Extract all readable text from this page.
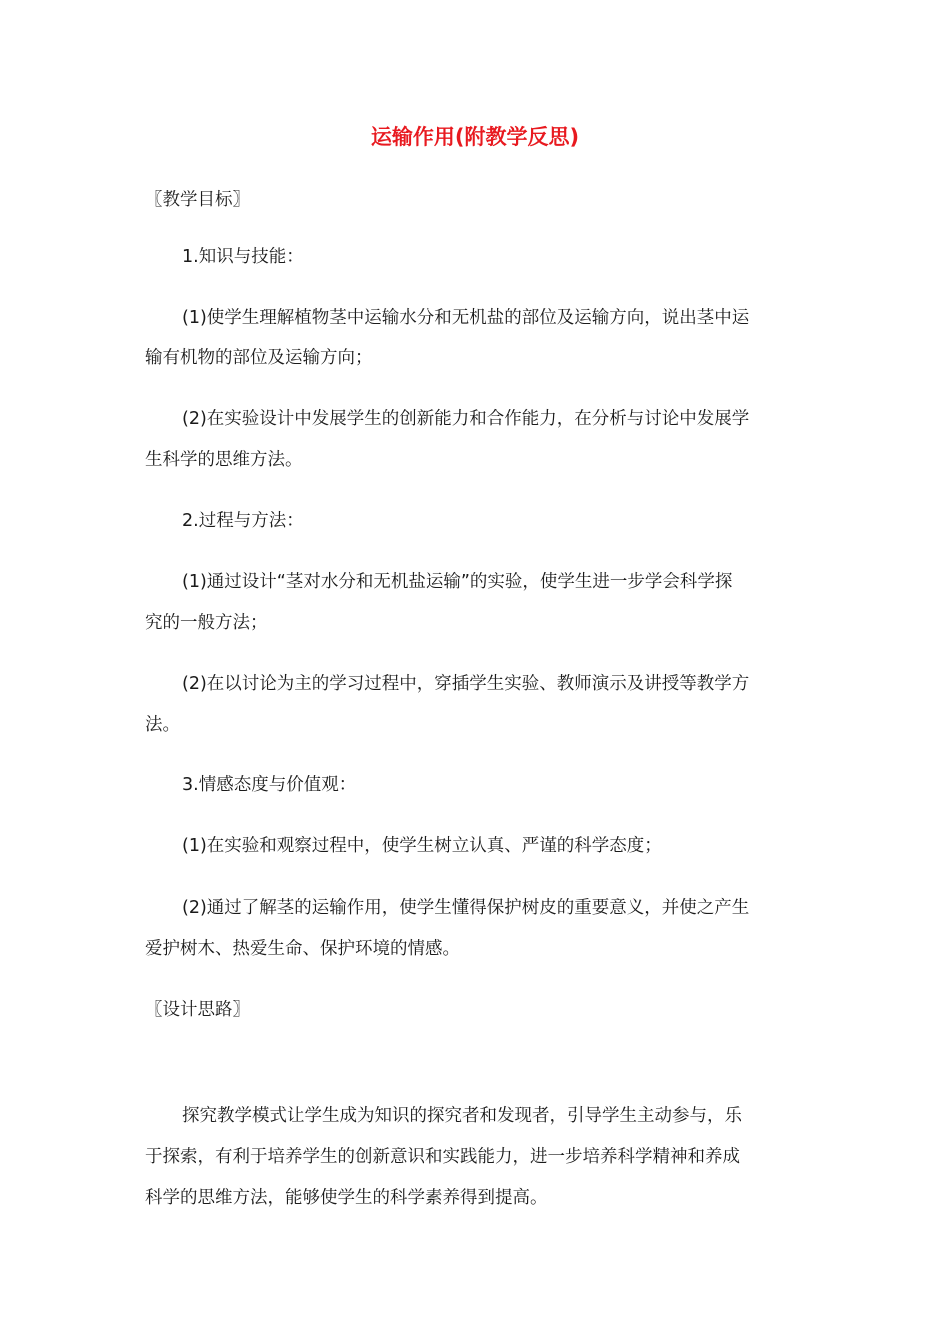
运输作用(附教学反思)
〖教学目标〗
1.知识与技能：
(1)使学生理解植物茎中运输水分和无机盐的部位及运输方向，说出茎中运
输有机物的部位及运输方向；
(2)在实验设计中发展学生的创新能力和合作能力，在分析与讨论中发展学
生科学的思维方法。
2.过程与方法：
(1)通过设计“茎对水分和无机盐运输”的实验，使学生进一步学会科学探
究的一般方法；
(2)在以讨论为主的学习过程中，穿插学生实验、教师演示及讲授等教学方
法。
3.情感态度与价值观：
(1)在实验和观察过程中，使学生树立认真、严谨的科学态度；
(2)通过了解茎的运输作用，使学生懂得保护树皮的重要意义，并使之产生
爱护树木、热爱生命、保护环境的情感。
〖设计思路〗
探究教学模式让学生成为知识的探究者和发现者，引导学生主动参与，乐
于探索，有利于培养学生的创新意识和实践能力，进一步培养科学精神和养成
科学的思维方法，能够使学生的科学素养得到提高。
